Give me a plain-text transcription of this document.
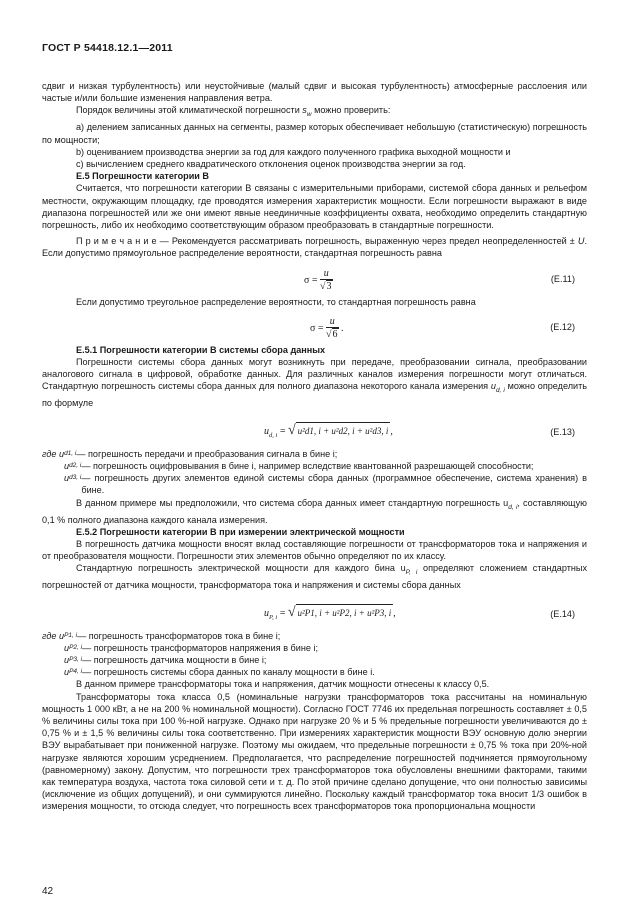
ГОСТ Р 54418.12.1—2011

сдвиг и низкая турбулентность) или неустойчивые (малый сдвиг и высокая турбулентность) атмосферные расслоения или частые и/или большие изменения направления ветра.

Порядок величины этой климатической погрешности $s_w$ можно проверить:

a) делением записанных данных на сегменты, размер которых обеспечивает небольшую (статистическую) погрешность по мощности;

b) оцениванием производства энергии за год для каждого полученного графика выходной мощности и

c) вычислением среднего квадратического отклонения оценок производства энергии за год.

Е.5 Погрешности категории В

Считается, что погрешности категории В связаны с измерительными приборами, системой сбора данных и рельефом местности, окружающим площадку, где проводятся измерения характеристик мощности. Если погрешности выражают в виде диапазона погрешностей или же они имеют явные неединичные коэффициенты охвата, необходимо определить стандартную погрешность, либо их необходимо соответствующим образом преобразовать в стандартные погрешности.

П р и м е ч а н и е — Рекомендуется рассматривать погрешность, выраженную через предел неопределенностей ± U. Если допустимо прямоугольное распределение вероятности, стандартная погрешность равна

$\sigma = \frac{u}{√3}$	(Е.11)

Если допустимо треугольное распределение вероятности, то стандартная погрешность равна

$\sigma = \frac{u}{√6}$ .	(Е.12)

Е.5.1 Погрешности категории В системы сбора данных

Погрешности системы сбора данных могут возникнуть при передаче, преобразовании сигнала, преобразовании аналогового сигнала в цифровой, обработке данных. Для различных каналов измерения погрешности могут отличаться. Стандартную погрешность системы сбора данных для полного диапазона некоторого канала измерения $u_{d, i}$ можно определить по формуле

$u_{d, i}$ = √ u²d1, i + u²d2, i + u²d3, i ,	(Е.13)
где u d1, i — погрешность передачи и преобразования сигнала в бине i;
u d2, i — погрешность оцифровывания в бине i, например вследствие квантованной разрешающей способности;
u d3, i — погрешность других элементов единой системы сбора данных (программное обеспечение, система хранения) в бине.

В данном примере мы предположили, что система сбора данных имеет стандартную погрешность $u_{d, i}$, составляющую 0,1 % полного диапазона каждого канала измерения.

Е.5.2 Погрешности категории В при измерении электрической мощности

В погрешность датчика мощности вносят вклад составляющие погрешности от трансформаторов тока и напряжения и от преобразователя мощности. Погрешности этих элементов обычно определяют по их классу.

Стандартную погрешность электрической мощности для каждого бина $u_{P, i}$ определяют сложением стандартных погрешностей от датчика мощности, трансформатора тока и напряжения и системы сбора данных

$u_{P, i}$ = √ u²P1, i + u²P2, i + u²P3, i ,	(Е.14)
где u P1, i — погрешность трансформаторов тока в бине i;
u P2, i — погрешность трансформаторов напряжения в бине i;
u P3, i — погрешность датчика мощности в бине i;
u P4, i — погрешность системы сбора данных по каналу мощности в бине i.

В данном примере трансформаторы тока и напряжения, датчик мощности отнесены к классу 0,5.

Трансформаторы тока класса 0,5 (номинальные нагрузки трансформаторов тока рассчитаны на номинальную мощность 1 000 кВт, а не на 200 % номинальной мощности). Согласно ГОСТ 7746 их предельная погрешность составляет ± 0,5 % величины силы тока при 100 %-ной нагрузке. Однако при нагрузке 20 % и 5 % предельные погрешности увеличиваются до ± 0,75 % и ± 1,5 % величины силы тока соответственно. При измерениях характеристик мощности ВЭУ основную долю энергии ВЭУ вырабатывает при пониженной нагрузке. Поэтому мы ожидаем, что предельные погрешности ± 0,75 % тока при 20%-ной нагрузке являются хорошим усреднением. Предполагается, что распределение погрешностей подчиняется прямоугольному (равномерному) закону. Допустим, что погрешности трех трансформаторов тока обусловлены внешними факторами, такими как температура воздуха, частота тока силовой сети и т. д. По этой причине сделано допущение, что они полностью зависимы (исключение из общих допущений), и они суммируются линейно. Поскольку каждый трансформатор тока вносит 1/3 ошибок в измерения мощности, то отсюда следует, что погрешность всех трансформаторов тока пропорциональна мощности

42
